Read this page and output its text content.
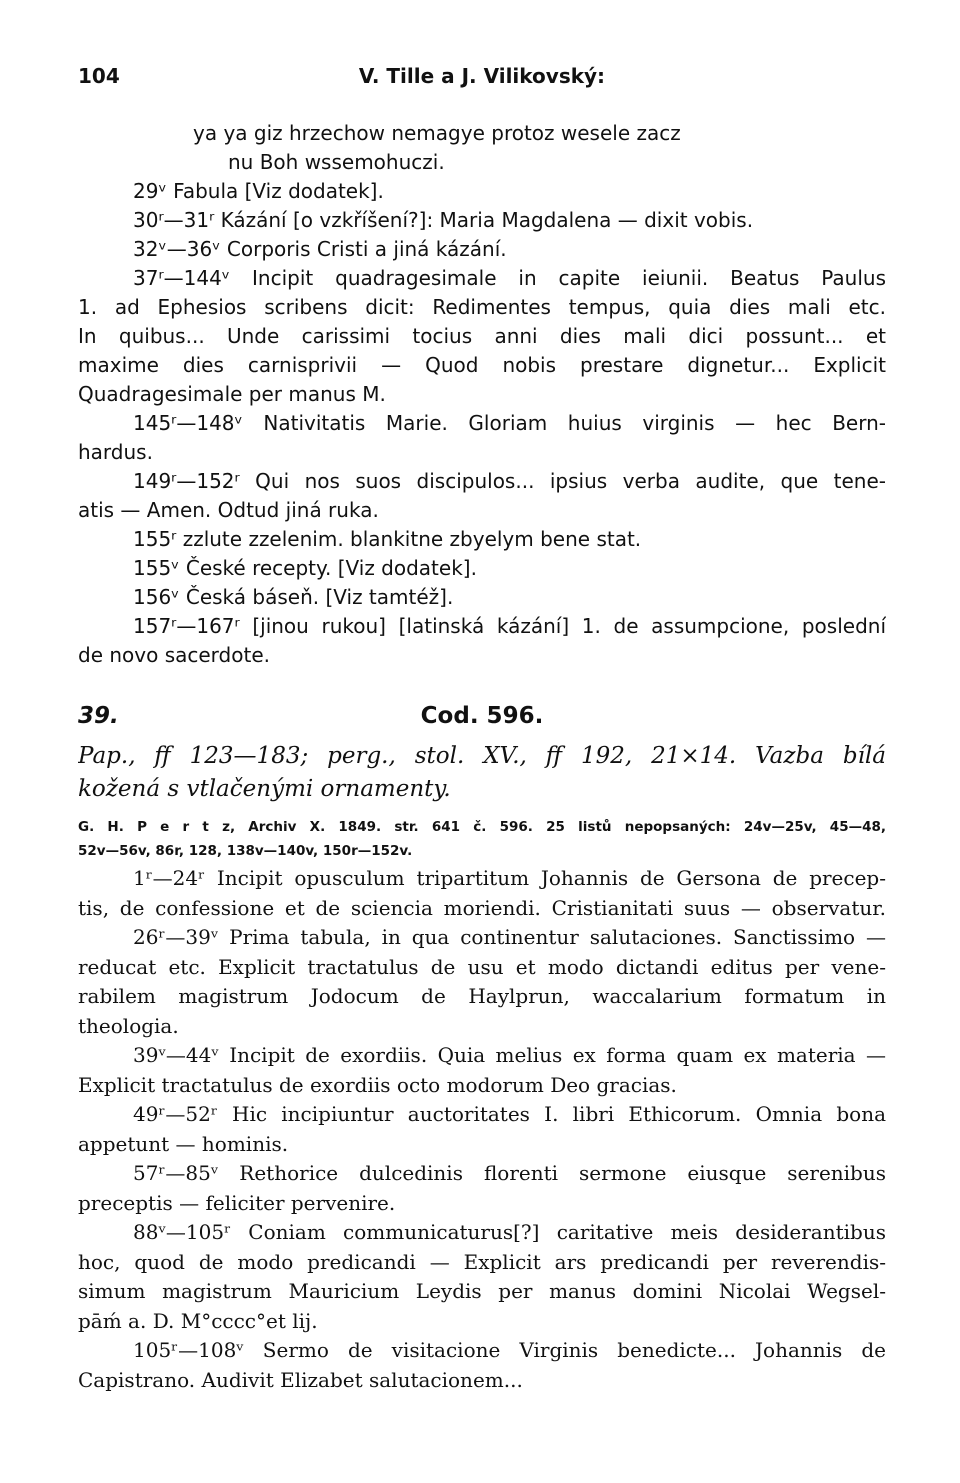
104	V. Tille a J. Vilikovský:
ya ya giz hrzechow nemagye protoz wesele zacz
nu Boh wssemohuczi.
29ᵛ Fabula [Viz dodatek].
30ʳ—31ʳ Kázání [o vzkříšení?]: Maria Magdalena — dixit vobis.
32ᵛ—36ᵛ Corporis Cristi a jiná kázání.
37ʳ—144ᵛ Incipit quadragesimale in capite ieiunii. Beatus Paulus
1. ad Ephesios scribens dicit: Redimentes tempus, quia dies mali etc.
In quibus... Unde carissimi tocius anni dies mali dici possunt... et
maxime dies carnisprivii — Quod nobis prestare dignetur... Explicit
Quadragesimale per manus M.
145ʳ—148ᵛ Nativitatis Marie. Gloriam huius virginis — hec Bern-
hardus.
149ʳ—152ʳ Qui nos suos discipulos... ipsius verba audite, que tene-
atis — Amen. Odtud jiná ruka.
155ʳ zzlute zzelenim. blankitne zbyelym bene stat.
155ᵛ České recepty. [Viz dodatek].
156ᵛ Česká báseň. [Viz tamtéž].
157ʳ—167ʳ [jinou rukou] [latinská kázání] 1. de assumpcione, poslední
de novo sacerdote.
39.	Cod. 596.
Pap., ff 123—183; perg., stol. XV., ff 192, 21×14. Vazba bílá
kožená s vtlačenými ornamenty.
G. H. P e r t z, Archiv X. 1849. str. 641 č. 596. 25 listů nepopsaných: 24v—25v, 45—48,
52v—56v, 86r, 128, 138v—140v, 150r—152v.
1ʳ—24ʳ Incipit opusculum tripartitum Johannis de Gersona de precep-
tis, de confessione et de sciencia moriendi. Cristianitati suus — observatur.
26ʳ—39ᵛ Prima tabula, in qua continentur salutaciones. Sanctissimo —
reducat etc. Explicit tractatulus de usu et modo dictandi editus per vene-
rabilem magistrum Jodocum de Haylprun, waccalarium formatum in
theologia.
39ᵛ—44ᵛ Incipit de exordiis. Quia melius ex forma quam ex materia —
Explicit tractatulus de exordiis octo modorum Deo gracias.
49ʳ—52ʳ Hic incipiuntur auctoritates I. libri Ethicorum. Omnia bona
appetunt — hominis.
57ʳ—85ᵛ Rethorice dulcedinis florenti sermone eiusque serenibus
preceptis — feliciter pervenire.
88ᵛ—105ʳ Coniam communicaturus[?] caritative meis desiderantibus
hoc, quod de modo predicandi — Explicit ars predicandi per reverendis-
simum magistrum Mauricium Leydis per manus domini Nicolai Wegsel-
pāḿ a. D. M°cccc°et lij.
105ʳ—108ᵛ Sermo de visitacione Virginis benedicte... Johannis de
Capistrano. Audivit Elizabet salutacionem...
